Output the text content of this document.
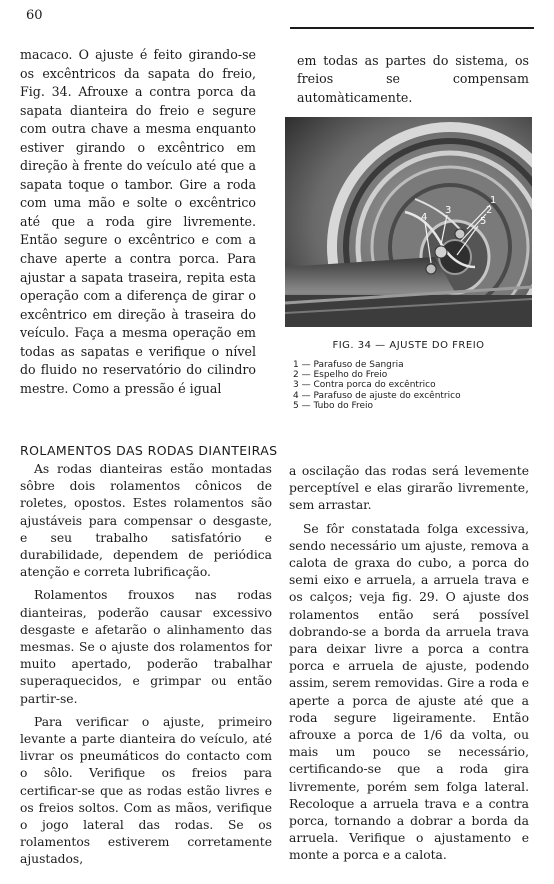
60

macaco. O ajuste é feito girando-se os excêntricos da sapata do freio, Fig. 34. Afrouxe a contra porca da sapata dianteira do freio e segure com outra chave a mesma enquanto estiver girando o excêntrico em direção à frente do veículo até que a sapata toque o tambor. Gire a roda com uma mão e solte o excêntrico até que a roda gire livremente. Então segure o excêntrico e com a chave aperte a contra porca. Para ajustar a sapata traseira, repita esta operação com a diferença de girar o excêntrico em direção à traseira do veículo. Faça a mesma operação em todas as sapatas e verifique o nível do fluido no reservatório do cilindro mestre. Como a pressão é igual

em todas as partes do sistema, os freios se compensam automàticamente.

1
2
3
4	5
FIG. 34 — AJUSTE DO FREIO
1 — Parafuso de Sangria
2 — Espelho do Freio
3 — Contra porca do excêntrico
4 — Parafuso de ajuste do excêntrico
5 — Tubo do Freio
ROLAMENTOS DAS RODAS DIANTEIRAS

As rodas dianteiras estão montadas sôbre dois rolamentos cônicos de roletes, opostos. Estes rolamentos são ajustáveis para compensar o desgaste, e seu trabalho satisfatório e durabilidade, dependem de periódica atenção e correta lubrificação.

Rolamentos frouxos nas rodas dianteiras, poderão causar excessivo desgaste e afetarão o alinhamento das mesmas. Se o ajuste dos rolamentos for muito apertado, poderão trabalhar superaquecidos, e grimpar ou então partir-se.

Para verificar o ajuste, primeiro levante a parte dianteira do veículo, até livrar os pneumáticos do contacto com o sôlo. Verifique os freios para certificar-se que as rodas estão livres e os freios soltos. Com as mãos, verifique o jogo lateral das rodas. Se os rolamentos estiverem corretamente ajustados,

a oscilação das rodas será levemente perceptível e elas girarão livremente, sem arrastar.

Se fôr constatada folga excessiva, sendo necessário um ajuste, remova a calota de graxa do cubo, a porca do semi eixo e arruela, a arruela trava e os calços; veja fig. 29. O ajuste dos rolamentos então será possível dobrando-se a borda da arruela trava para deixar livre a porca a contra porca e arruela de ajuste, podendo assim, serem removidas. Gire a roda e aperte a porca de ajuste até que a roda segure ligeiramente. Então afrouxe a porca de 1/6 da volta, ou mais um pouco se necessário, certificando-se que a roda gira livremente, porém sem folga lateral. Recoloque a arruela trava e a contra porca, tornando a dobrar a borda da arruela. Verifique o ajustamento e monte a porca e a calota.
